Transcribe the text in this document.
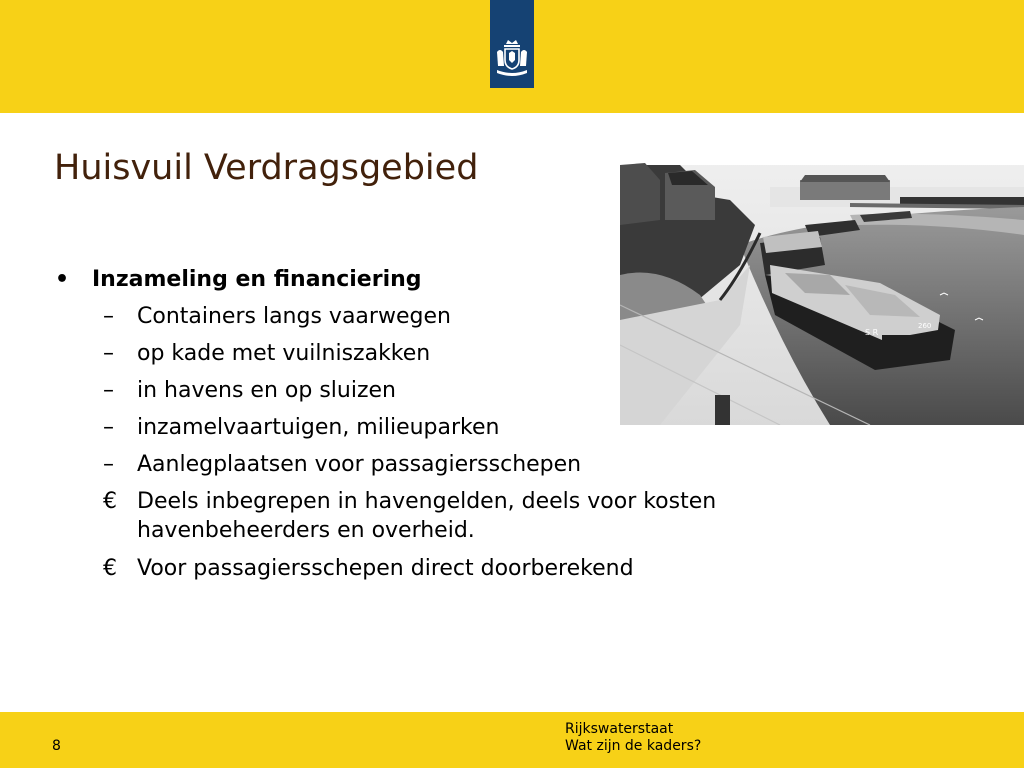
Huisvuil Verdragsgebied
S R
260
• Inzameling en financiering
– Containers langs vaarwegen
– op kade met vuilniszakken
– in havens en op sluizen
– inzamelvaartuigen, milieuparken
– Aanlegplaatsen voor passagiersschepen
€ Deels inbegrepen in havengelden, deels voor kosten
havenbeheerders en overheid.
€ Voor passagiersschepen direct doorberekend
8
Rijkswaterstaat
Wat zijn de kaders?
